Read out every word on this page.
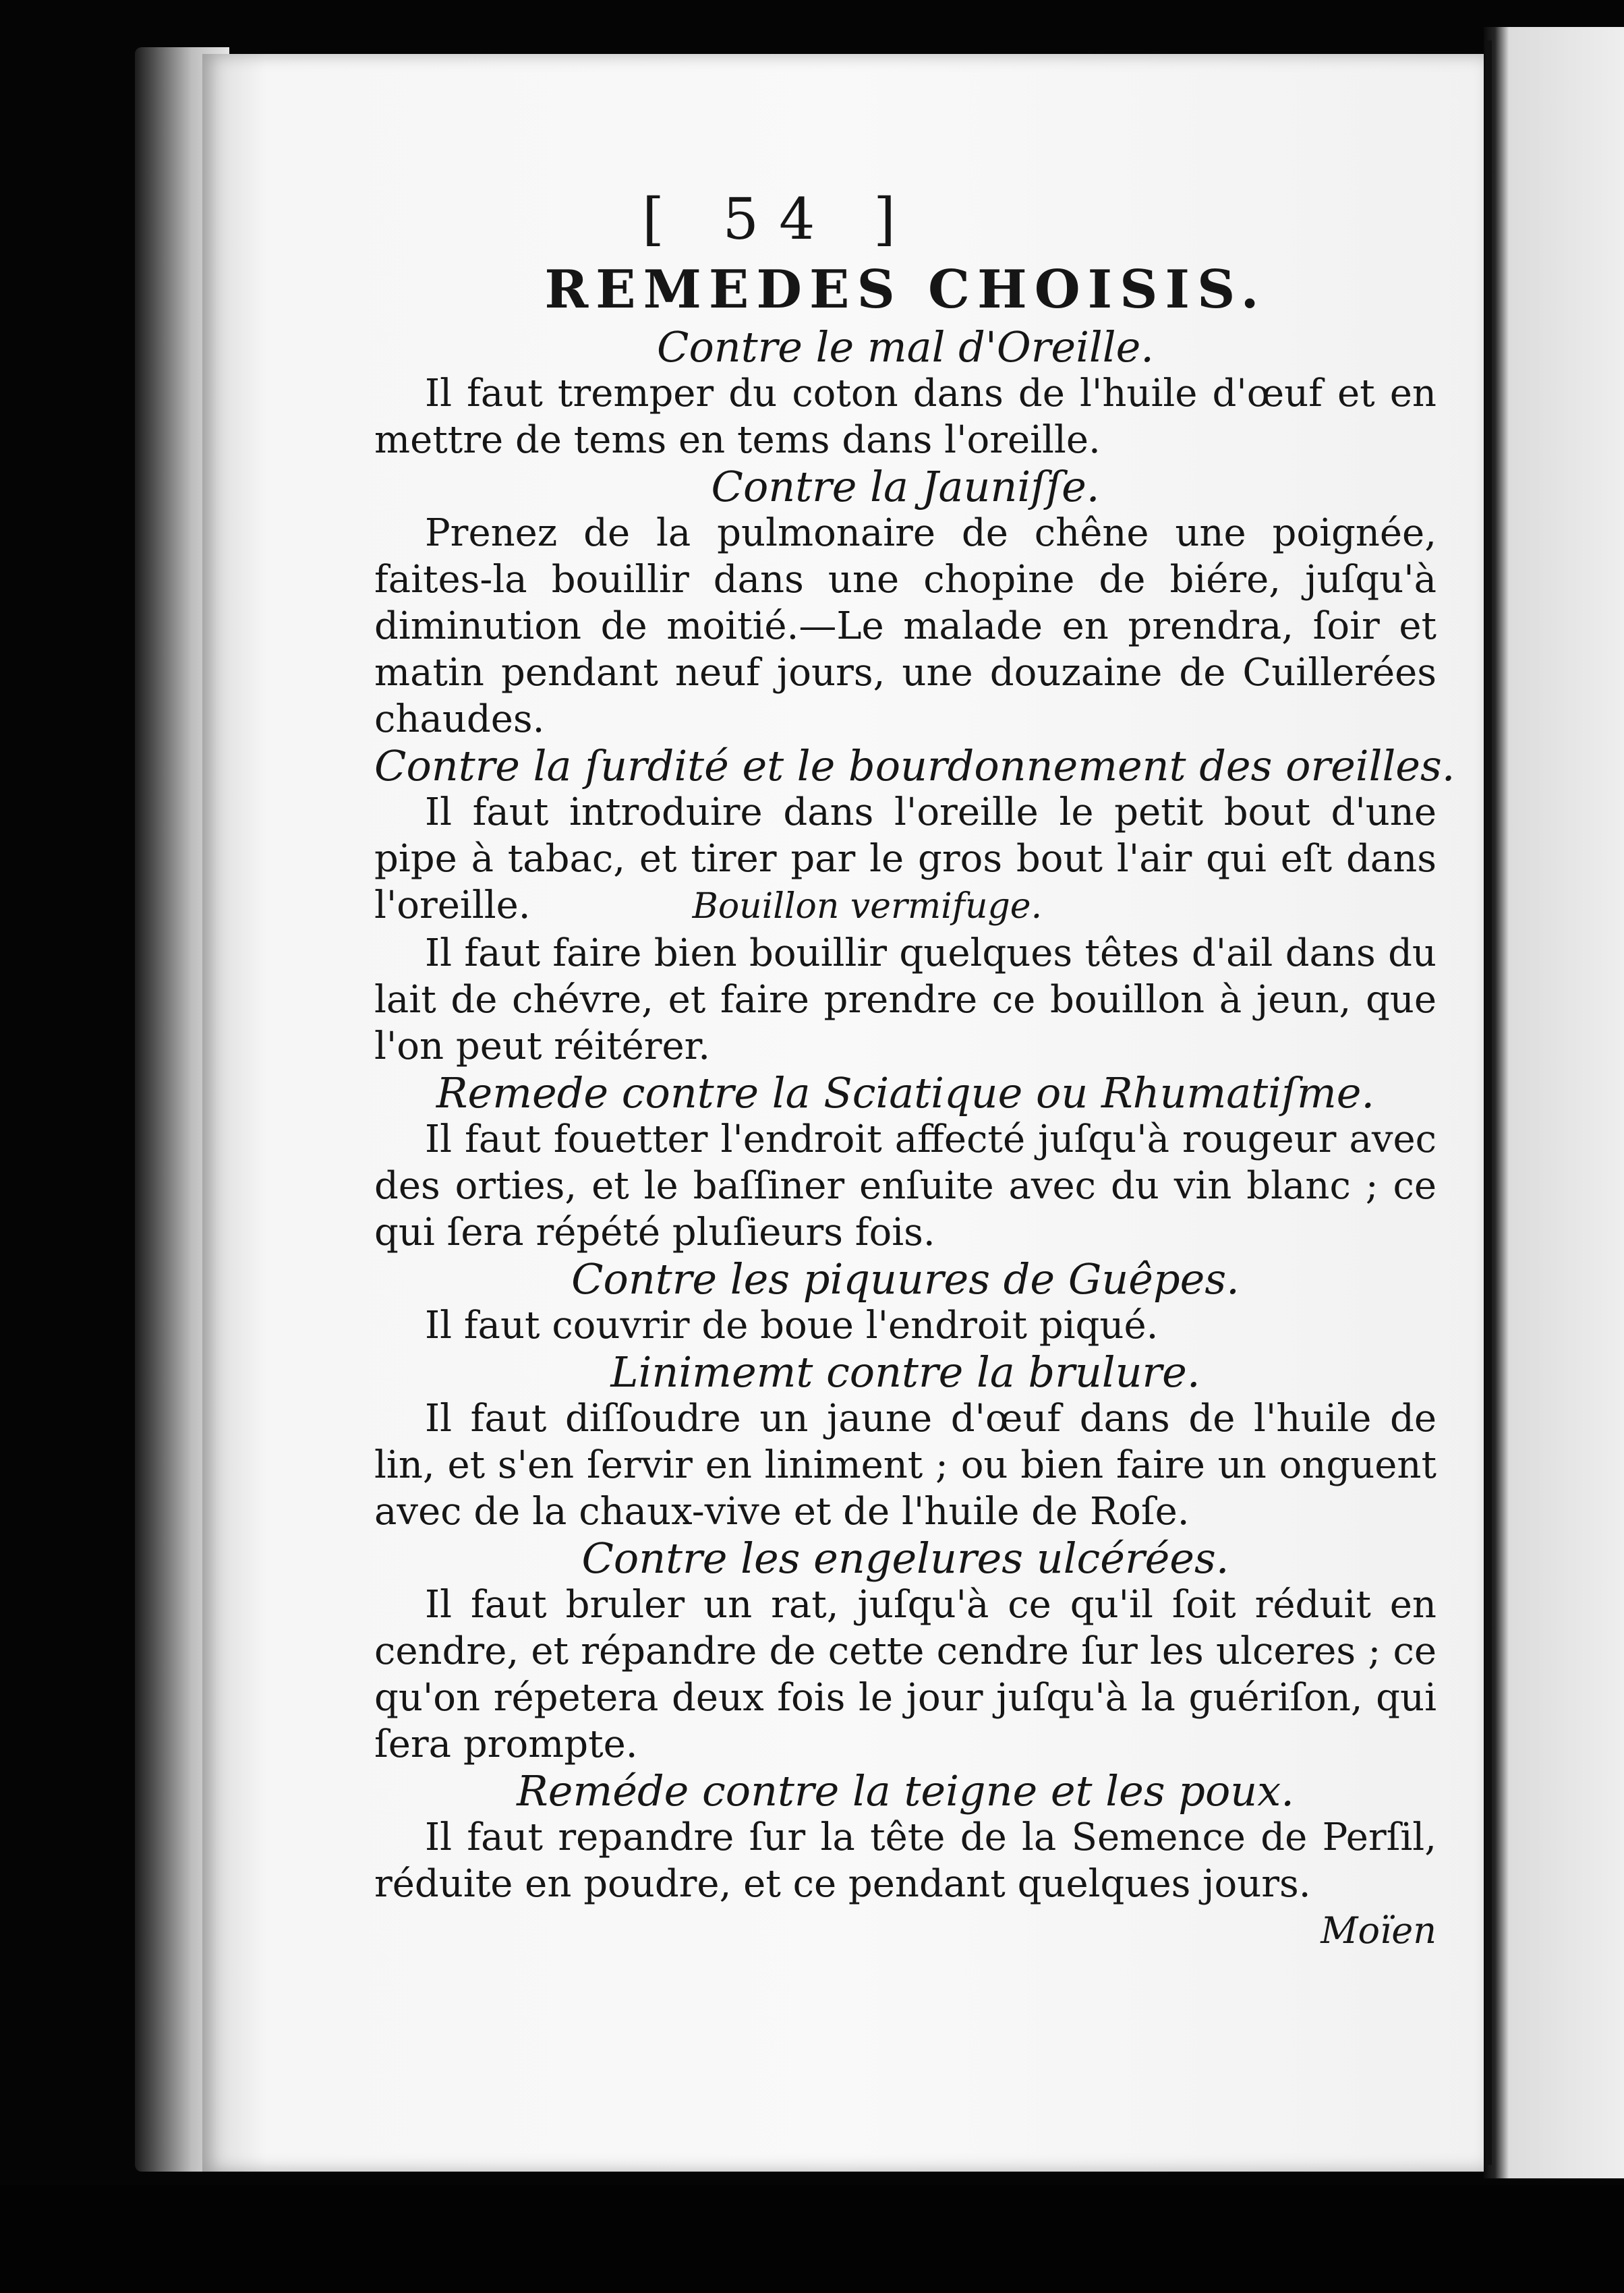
[ 54 ]
REMEDES CHOISIS.
Contre le mal d'Oreille.

Il faut tremper du coton dans de l'huile d'œuf et en mettre de tems en tems dans l'oreille.

Contre la Jauniſſe.

Prenez de la pulmonaire de chêne une poignée, faites-la bouillir dans une chopine de biére, juſqu'à diminution de moitié.—Le malade en prendra, ſoir et matin pendant neuf jours, une douzaine de Cuillerées chaudes.

Contre la ſurdité et le bourdonnement des oreilles.

Il faut introduire dans l'oreille le petit bout d'une pipe à tabac, et tirer par le gros bout l'air qui eſt dans l'oreille.	Bouillon vermifuge.

Il faut faire bien bouillir quelques têtes d'ail dans du lait de chévre, et faire prendre ce bouillon à jeun, que l'on peut réitérer.

Remede contre la Sciatique ou Rhumatiſme.

Il faut fouetter l'endroit affecté juſqu'à rougeur avec des orties, et le baſſiner enſuite avec du vin blanc ; ce qui ſera répété pluſieurs fois.

Contre les piquures de Guêpes.

Il faut couvrir de boue l'endroit piqué.

Linimemt contre la brulure.

Il faut diſſoudre un jaune d'œuf dans de l'huile de lin, et s'en ſervir en liniment ; ou bien faire un onguent avec de la chaux-vive et de l'huile de Roſe.

Contre les engelures ulcérées.

Il faut bruler un rat, juſqu'à ce qu'il ſoit réduit en cendre, et répandre de cette cendre ſur les ulceres ; ce qu'on répetera deux fois le jour juſqu'à la guériſon, qui ſera prompte.

Reméde contre la teigne et les poux.

Il faut repandre ſur la tête de la Semence de Perſil, réduite en poudre, et ce pendant quelques jours.

Moïen
